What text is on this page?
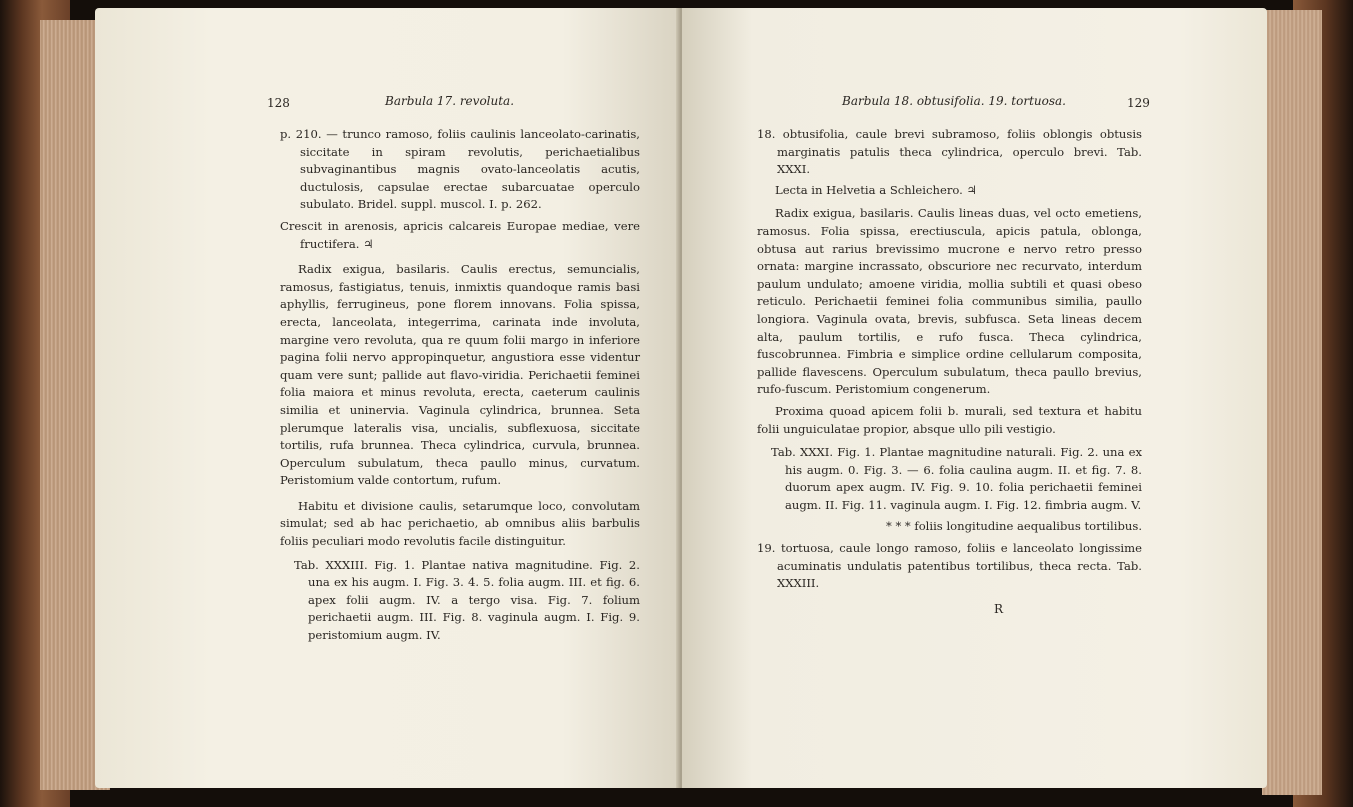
128	Barbula 17. revoluta.

p. 210. — trunco ramoso, foliis caulinis lanceolato-carinatis, siccitate in spiram revolutis, perichaetialibus subvaginantibus magnis ovato-lanceolatis acutis, ductulosis, capsulae erectae subarcuatae operculo subulato. Bridel. suppl. muscol. I. p. 262.

Crescit in arenosis, apricis calcareis Europae mediae, vere fructifera. ♃

Radix exigua, basilaris. Caulis erectus, semuncialis, ramosus, fastigiatus, tenuis, inmixtis quandoque ramis basi aphyllis, ferrugineus, pone florem innovans. Folia spissa, erecta, lanceolata, integerrima, carinata inde involuta, margine vero revoluta, qua re quum folii margo in inferiore pagina folii nervo appropinquetur, angustiora esse videntur quam vere sunt; pallide aut flavo-viridia. Perichaetii feminei folia maiora et minus revoluta, erecta, caeterum caulinis similia et uninervia. Vaginula cylindrica, brunnea. Seta plerumque lateralis visa, uncialis, subflexuosa, siccitate tortilis, rufa brunnea. Theca cylindrica, curvula, brunnea. Operculum subulatum, theca paullo minus, curvatum. Peristomium valde contortum, rufum.

Habitu et divisione caulis, setarumque loco, convolutam simulat; sed ab hac perichaetio, ab omnibus aliis barbulis foliis peculiari modo revolutis facile distinguitur.

Tab. XXXIII. Fig. 1. Plantae nativa magnitudine. Fig. 2. una ex his augm. I. Fig. 3. 4. 5. folia augm. III. et fig. 6. apex folii augm. IV. a tergo visa. Fig. 7. folium perichaetii augm. III. Fig. 8. vaginula augm. I. Fig. 9. peristomium augm. IV.

Barbula 18. obtusifolia. 19. tortuosa.	129

18. obtusifolia, caule brevi subramoso, foliis oblongis obtusis marginatis patulis theca cylindrica, operculo brevi. Tab. XXXI.

Lecta in Helvetia a Schleichero. ♃

Radix exigua, basilaris. Caulis lineas duas, vel octo emetiens, ramosus. Folia spissa, erectiuscula, apicis patula, oblonga, obtusa aut rarius brevissimo mucrone e nervo retro presso ornata: margine incrassato, obscuriore nec recurvato, interdum paulum undulato; amoene viridia, mollia subtili et quasi obeso reticulo. Perichaetii feminei folia communibus similia, paullo longiora. Vaginula ovata, brevis, subfusca. Seta lineas decem alta, paulum tortilis, e rufo fusca. Theca cylindrica, fuscobrunnea. Fimbria e simplice ordine cellularum composita, pallide flavescens. Operculum subulatum, theca paullo brevius, rufo-fuscum. Peristomium congenerum.

Proxima quoad apicem folii b. murali, sed textura et habitu folii unguiculatae propior, absque ullo pili vestigio.

Tab. XXXI. Fig. 1. Plantae magnitudine naturali. Fig. 2. una ex his augm. 0. Fig. 3. — 6. folia caulina augm. II. et fig. 7. 8. duorum apex augm. IV. Fig. 9. 10. folia perichaetii feminei augm. II. Fig. 11. vaginula augm. I. Fig. 12. fimbria augm. V.

* * * foliis longitudine aequalibus tortilibus.

19. tortuosa, caule longo ramoso, foliis e lanceolato longissime acuminatis undulatis patentibus tortilibus, theca recta. Tab. XXXIII.

R
